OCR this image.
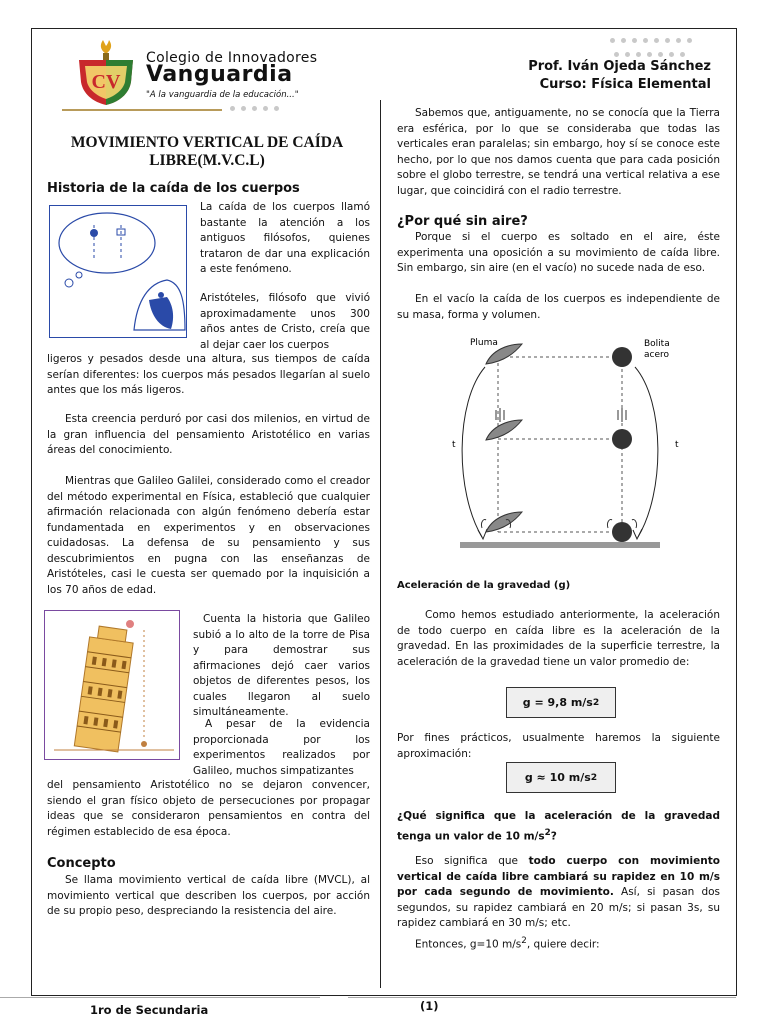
CV
Colegio de Innovadores
Vanguardia
"A la vanguardia de la educación..."
Prof. Iván Ojeda Sánchez
Curso: Física Elemental
MOVIMIENTO VERTICAL DE CAÍDA
LIBRE(M.V.C.L)
Historia de la caída de los cuerpos
La caída de los cuerpos llamó bastante la atención a los antiguos filósofos, quienes trataron de dar una explicación a este fenómeno.
Aristóteles, filósofo que vivió aproximadamente unos 300 años antes de Cristo, creía que al dejar caer los cuerpos
ligeros y pesados desde una altura, sus tiempos de caída serían diferentes: los cuerpos más pesados llegarían al suelo antes que los más ligeros.
Esta creencia perduró por casi dos milenios, en virtud de la gran influencia del pensamiento Aristotélico en varias áreas del conocimiento.
Mientras que Galileo Galilei, considerado como el creador del método experimental en Física, estableció que cualquier afirmación relacionada con algún fenómeno debería estar fundamentada en experimentos y en observaciones cuidadosas. La defensa de su pensamiento y sus descubrimientos en pugna con las enseñanzas de Aristóteles, casi le cuesta ser quemado por la inquisición a los 70 años de edad.
Cuenta la historia que Galileo subió a lo alto de la torre de Pisa y para demostrar sus afirmaciones dejó caer varios objetos de diferentes pesos, los cuales llegaron al suelo simultáneamente.
A pesar de la evidencia proporcionada por los experimentos realizados por Galileo, muchos simpatizantes
del pensamiento Aristotélico no se dejaron convencer, siendo el gran físico objeto de persecuciones por propagar ideas que se consideraron pensamientos en contra del régimen establecido de esa época.
Concepto
Se llama movimiento vertical de caída libre (MVCL), al movimiento vertical que describen los cuerpos, por acción de su propio peso, despreciando la resistencia del aire.
Sabemos que, antiguamente, no se conocía que la Tierra era esférica, por lo que se consideraba que todas las verticales eran paralelas; sin embargo, hoy sí se conoce este hecho, por lo que nos damos cuenta que para cada posición sobre el globo terrestre, se tendrá una vertical relativa a ese lugar, que coincidirá con el radio terrestre.
¿Por qué sin aire?
Porque si el cuerpo es soltado en el aire, éste experimenta una oposición a su movimiento de caída libre. Sin embargo, sin aire (en el vacío) no sucede nada de eso.
En el vacío la caída de los cuerpos es independiente de su masa, forma y volumen.
Pluma	Bolita
acero
t	t
Aceleración de la gravedad (g)
Como hemos estudiado anteriormente, la aceleración de todo cuerpo en caída libre es la aceleración de la gravedad. En las proximidades de la superficie terrestre, la aceleración de la gravedad tiene un valor promedio de:
g = 9,8 m/s 2
Por fines prácticos, usualmente haremos la siguiente aproximación:
g ≈ 10 m/s 2
¿Qué significa que la aceleración de la gravedad tenga un valor de 10 $m/s^2$?
Eso significa que todo cuerpo con movimiento vertical de caída libre cambiará su rapidez en 10 m/s por cada segundo de movimiento. Así, si pasan dos segundos, su rapidez cambiará en 20 m/s; si pasan 3s, su rapidez cambiará en 30 m/s; etc.
Entonces, g=10 $m/s^2$, quiere decir:
1ro de Secundaria	(1)
